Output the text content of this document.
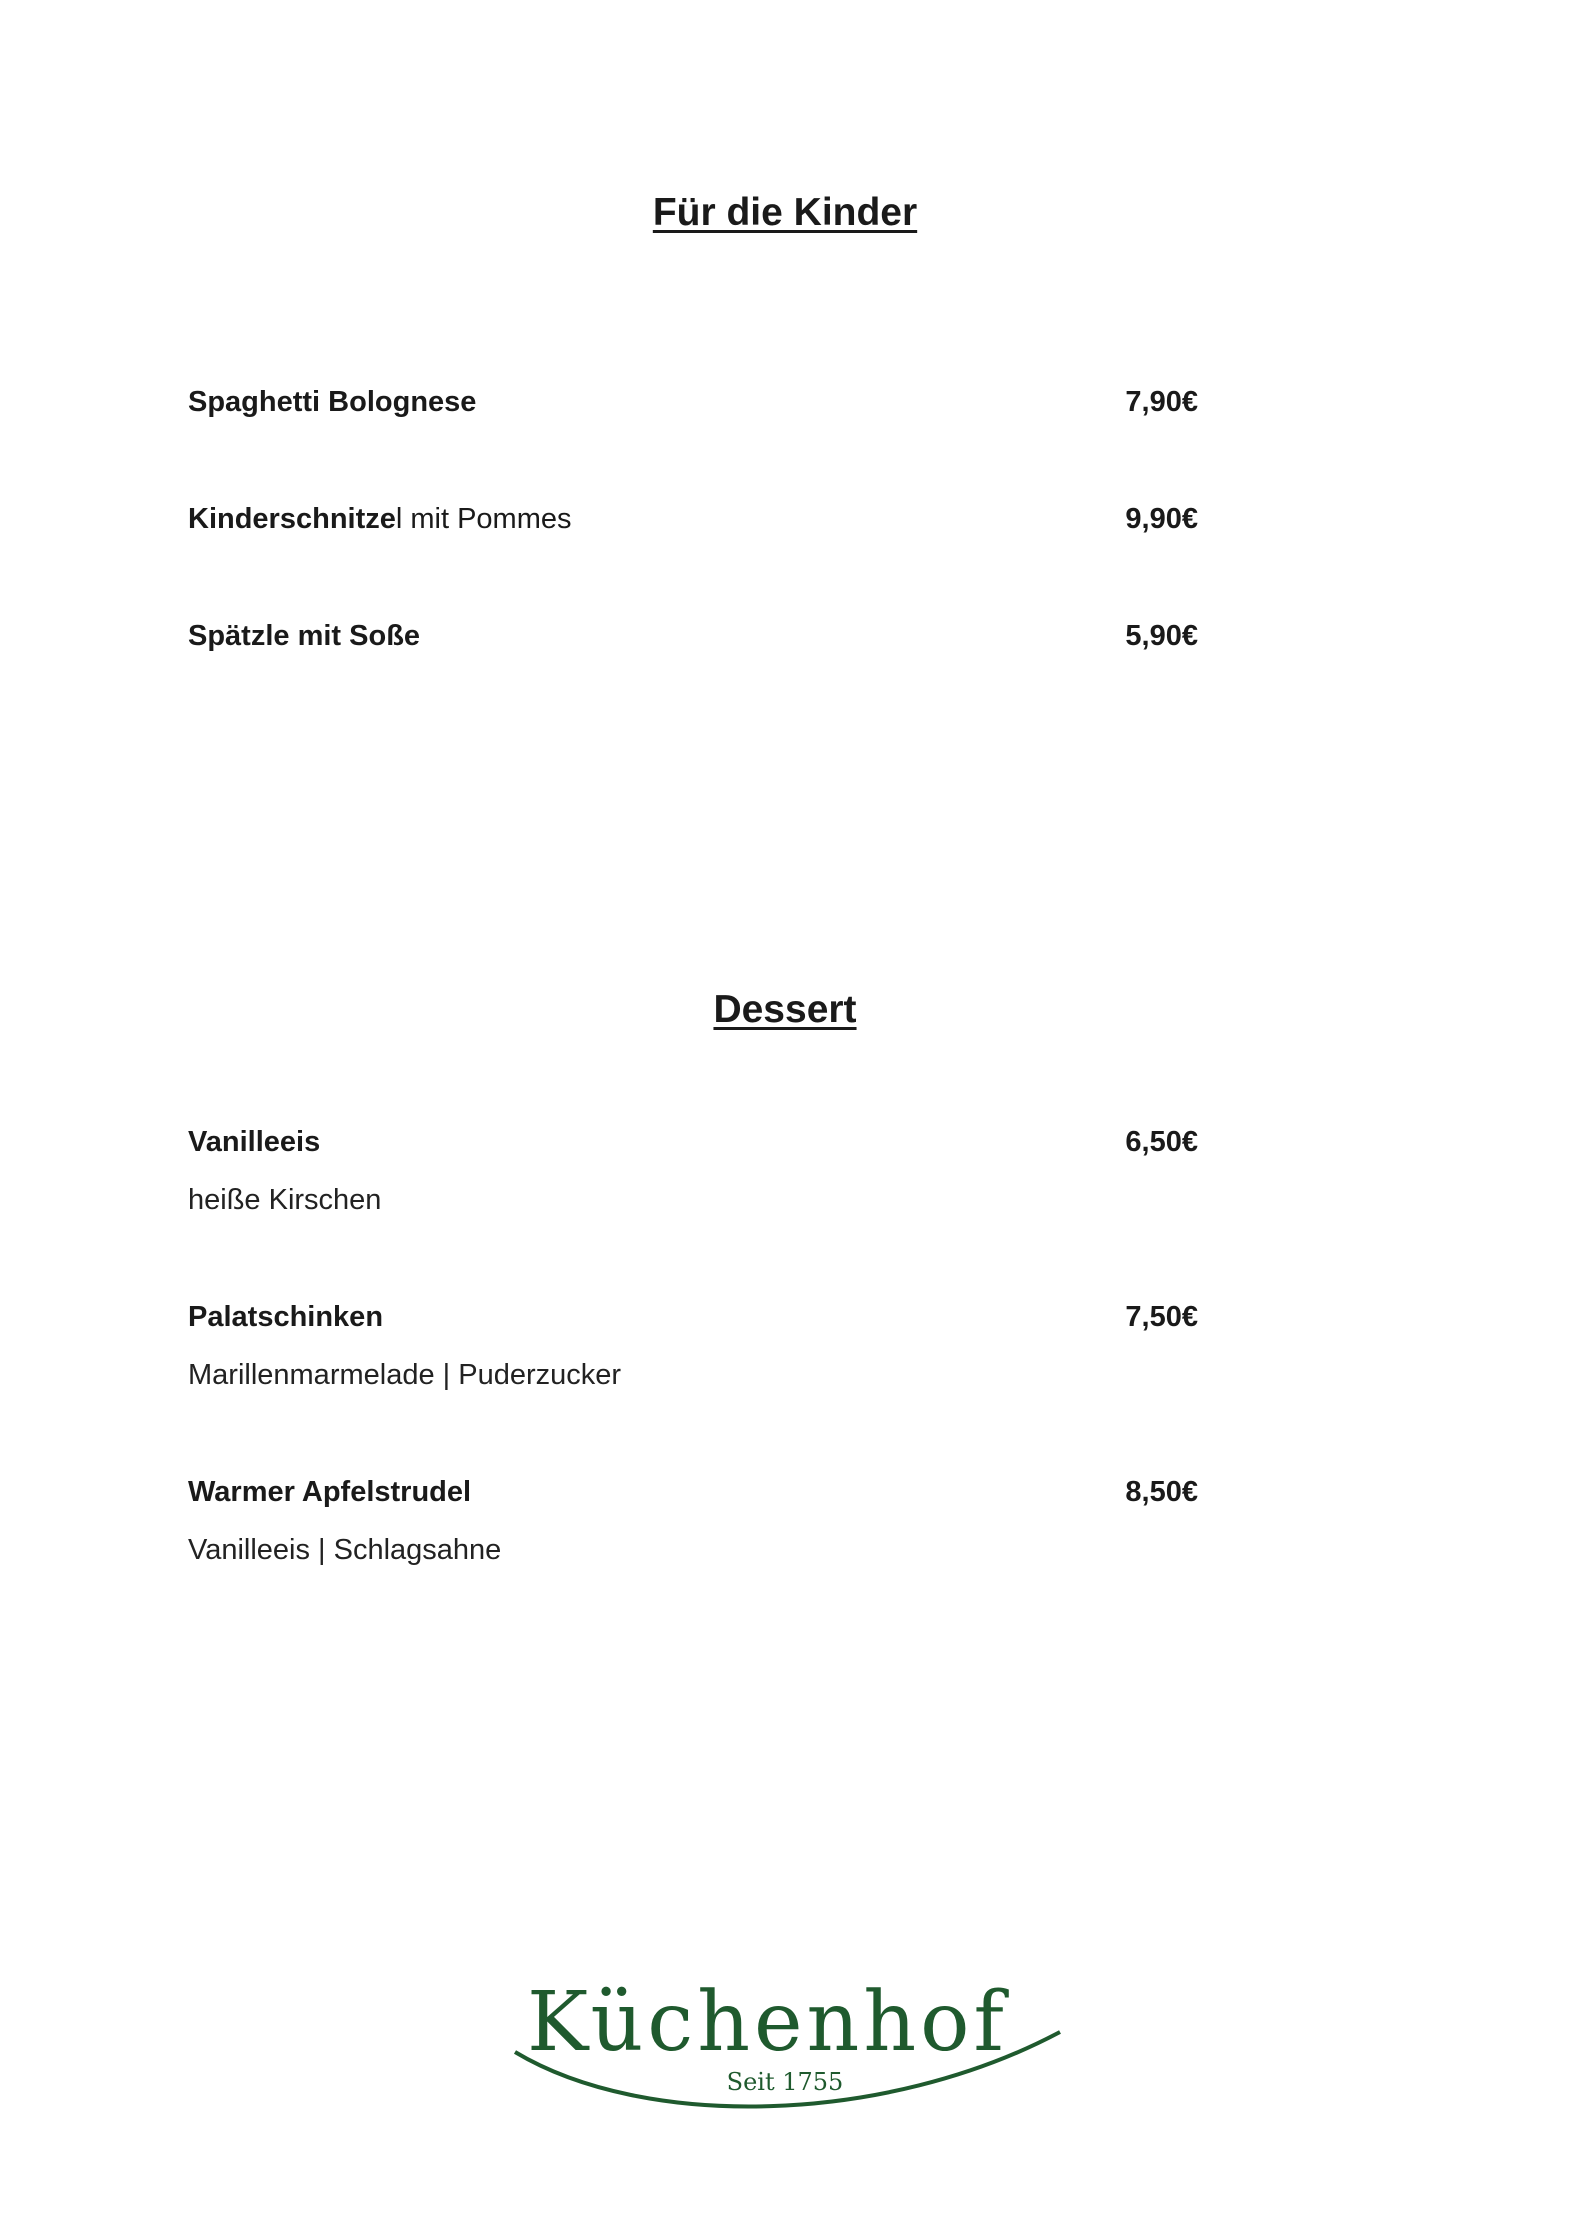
Für die Kinder
Spaghetti Bolognese	7,90€
Kinderschnitzel mit Pommes	9,90€
Spätzle mit Soße	5,90€
Dessert
Vanilleeis	6,50€
heiße Kirschen
Palatschinken	7,50€
Marillenmarmelade | Puderzucker
Warmer Apfelstrudel	8,50€
Vanilleeis | Schlagsahne
Küchenhof
Seit 1755
